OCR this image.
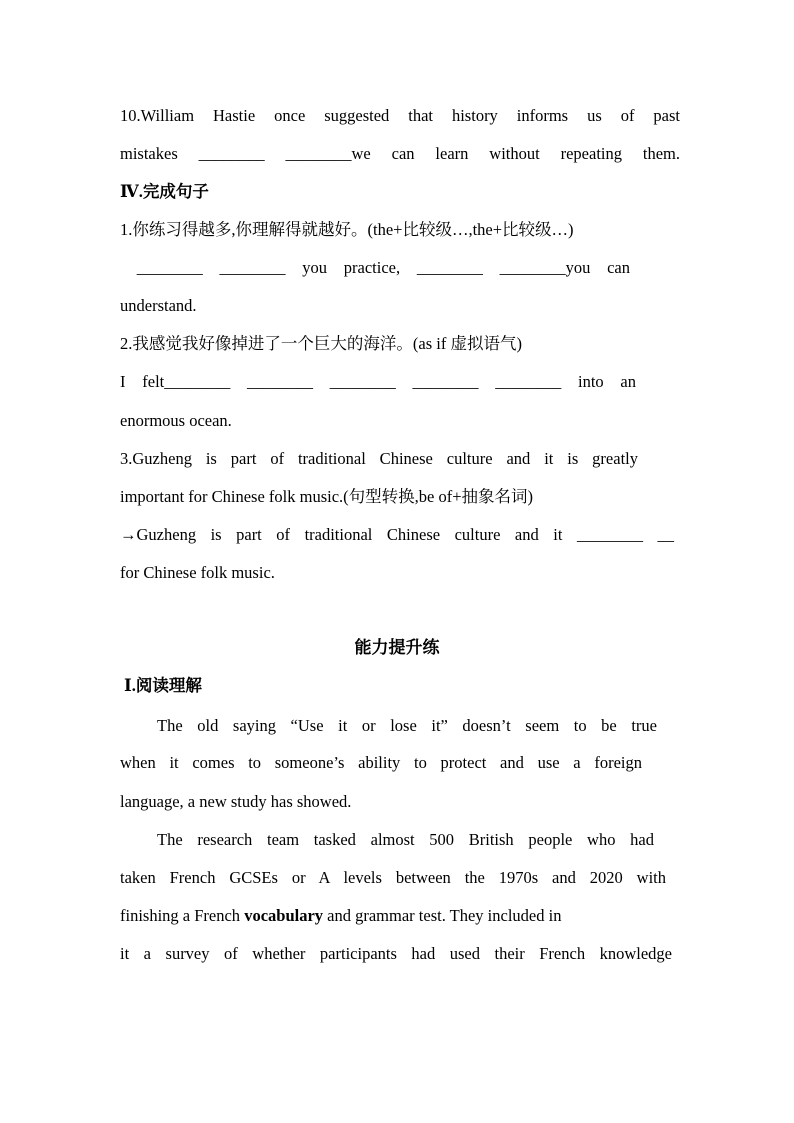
10.William Hastie once suggested that history informs us of past
mistakes ________ ________we can learn without repeating them.
Ⅳ.完成句子
1.你练习得越多,你理解得就越好。(the+比较级…,the+比较级…)
________ ________ you practice, ________ ________you can
understand.
2.我感觉我好像掉进了一个巨大的海洋。(as if 虚拟语气)
I felt________ ________ ________ ________ ________ into an
enormous ocean.
3.Guzheng is part of traditional Chinese culture and it is greatly
important for Chinese folk music.(句型转换,be of+抽象名词)
→Guzheng is part of traditional Chinese culture and it ________ __
for Chinese folk music.
能力提升练
Ⅰ.阅读理解
The old saying “Use it or lose it” doesn’t seem to be true
when it comes to someone’s ability to protect and use a foreign
language, a new study has showed.
The research team tasked almost 500 British people who had
taken French GCSEs or A levels between the 1970s and 2020 with
finishing a French vocabulary and grammar test. They included in
it a survey of whether participants had used their French knowledge
